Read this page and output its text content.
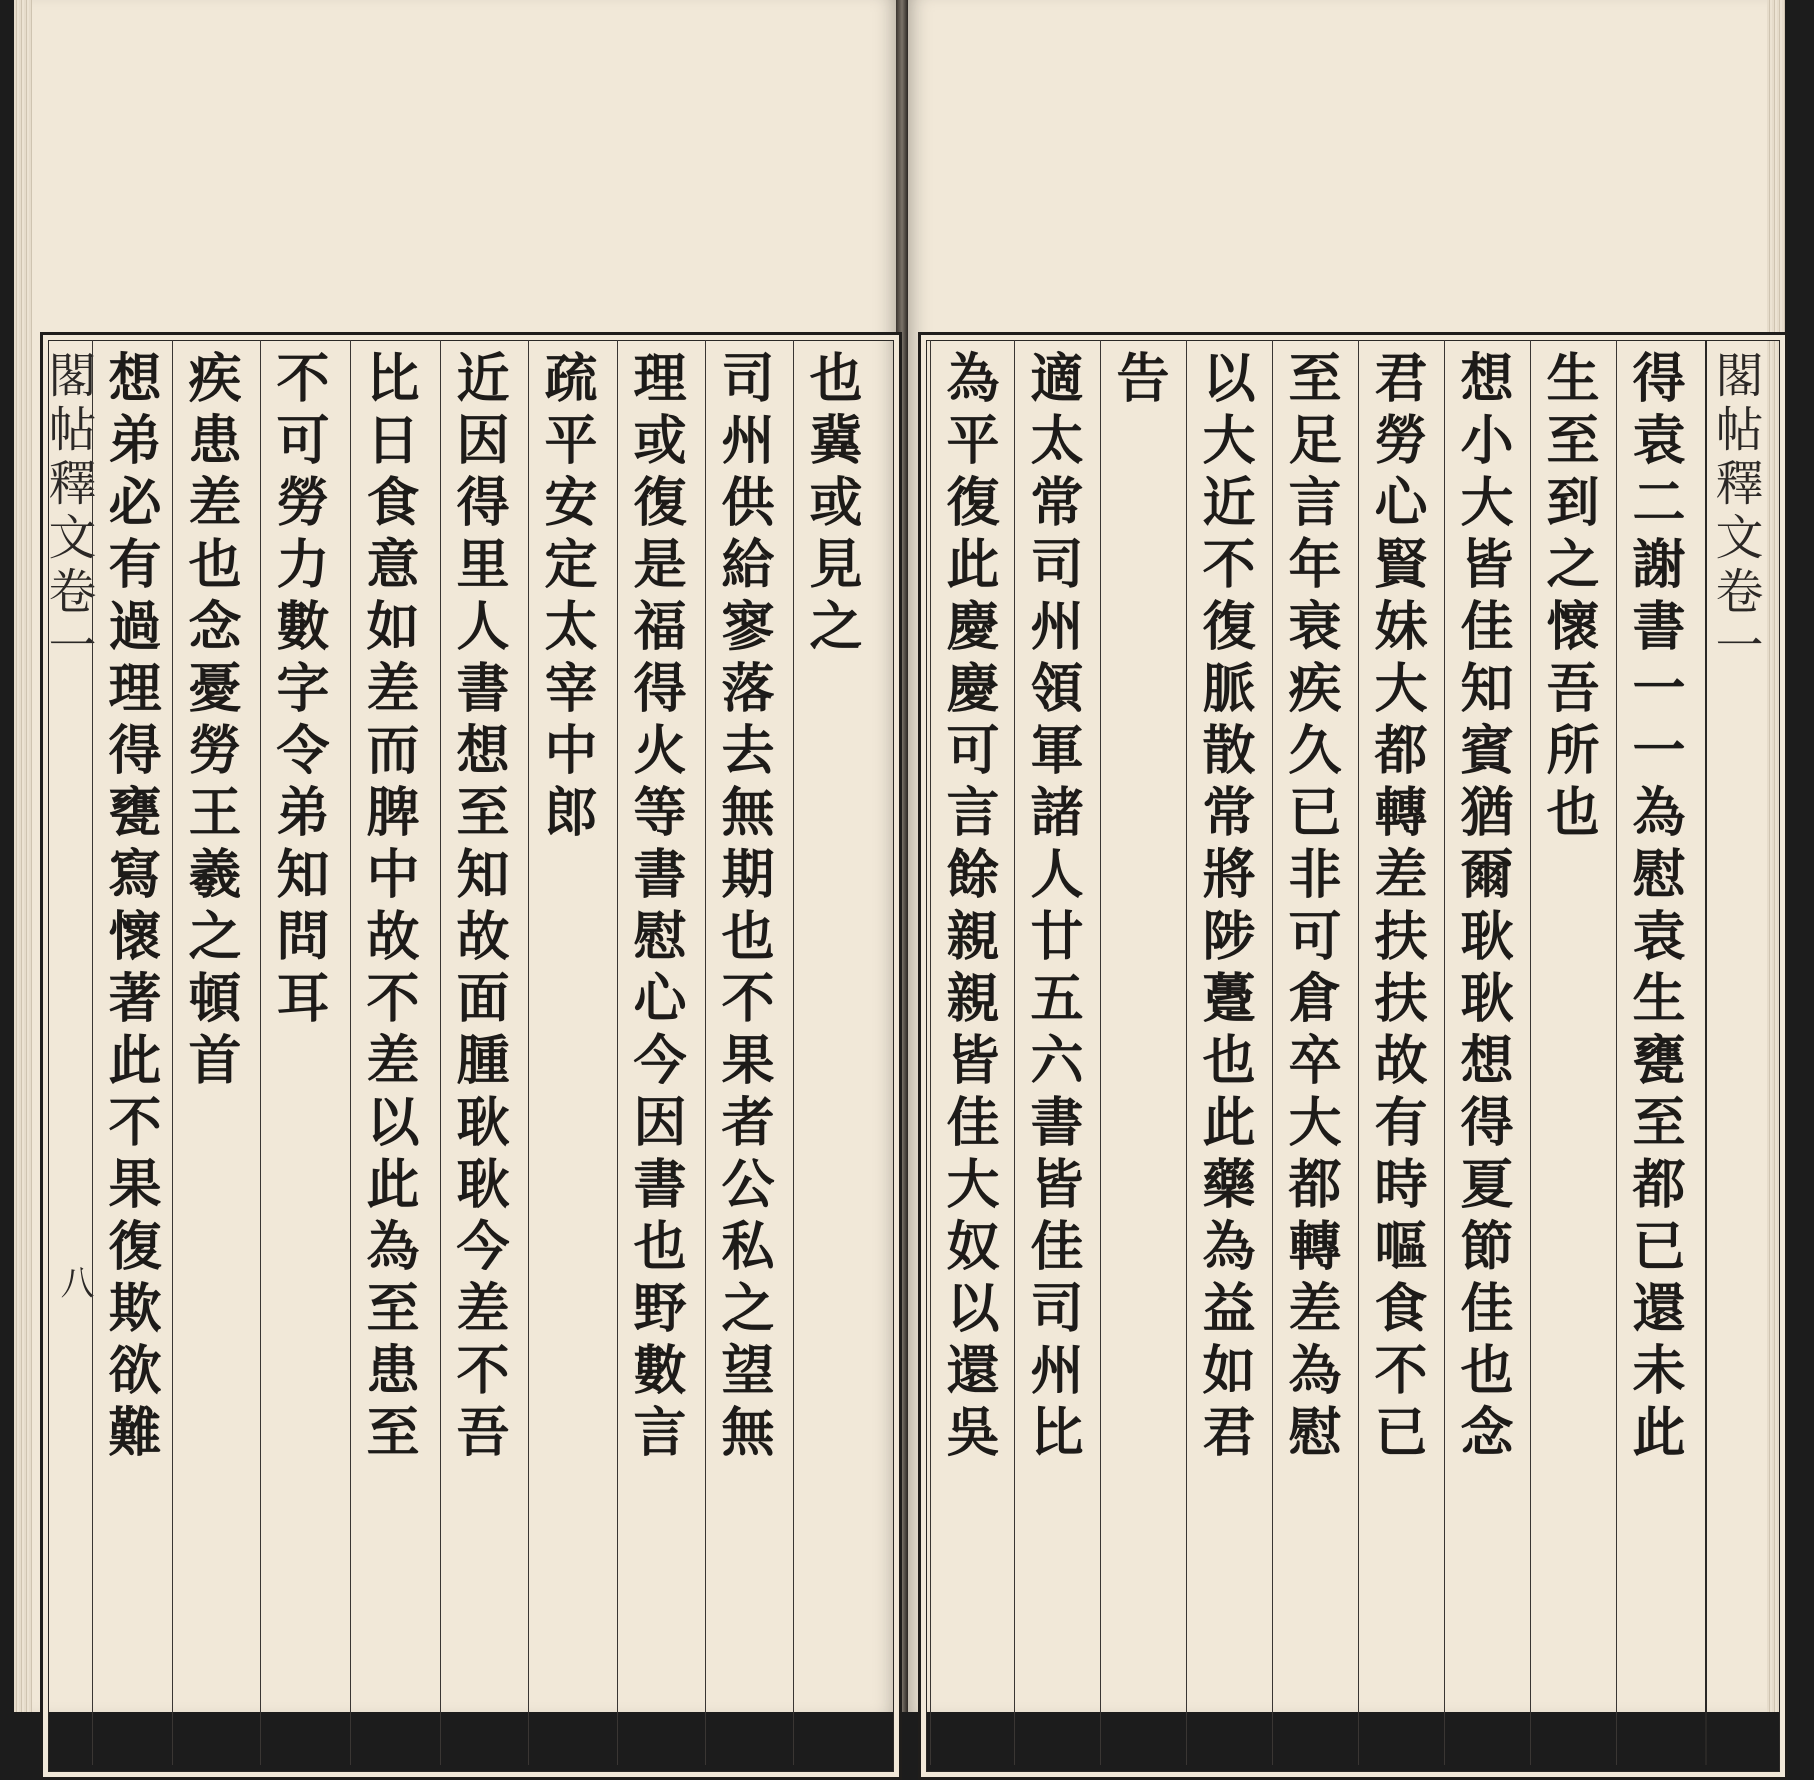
閣帖釋文卷一
八 想弟必有過理得甕寫懷著此不果復欺欲難 疾患差也念憂勞王羲之頓首 不可勞力數字令弟知問耳 比日食意如差而脾中故不差以此為至患至 近因得里人書想至知故面腫耿耿今差不吾 疏平安定太宰中郎 理或復是福得火等書慰心今因書也野數言 司州供給寥落去無期也不果者公私之望無 也冀或見之 為平復此慶慶可言餘親親皆佳大奴以還吳 適太常司州領軍諸人廿五六書皆佳司州比 告 以大近不復脈散常將陟躉也此藥為益如君 至足言年衰疾久已非可倉卒大都轉差為慰 君勞心賢妹大都轉差扶扶故有時嘔食不已 想小大皆佳知賓猶爾耿耿想得夏節佳也念 生至到之懷吾所也 得袁二謝書一一為慰袁生甕至都已還未此 閣帖釋文卷一
